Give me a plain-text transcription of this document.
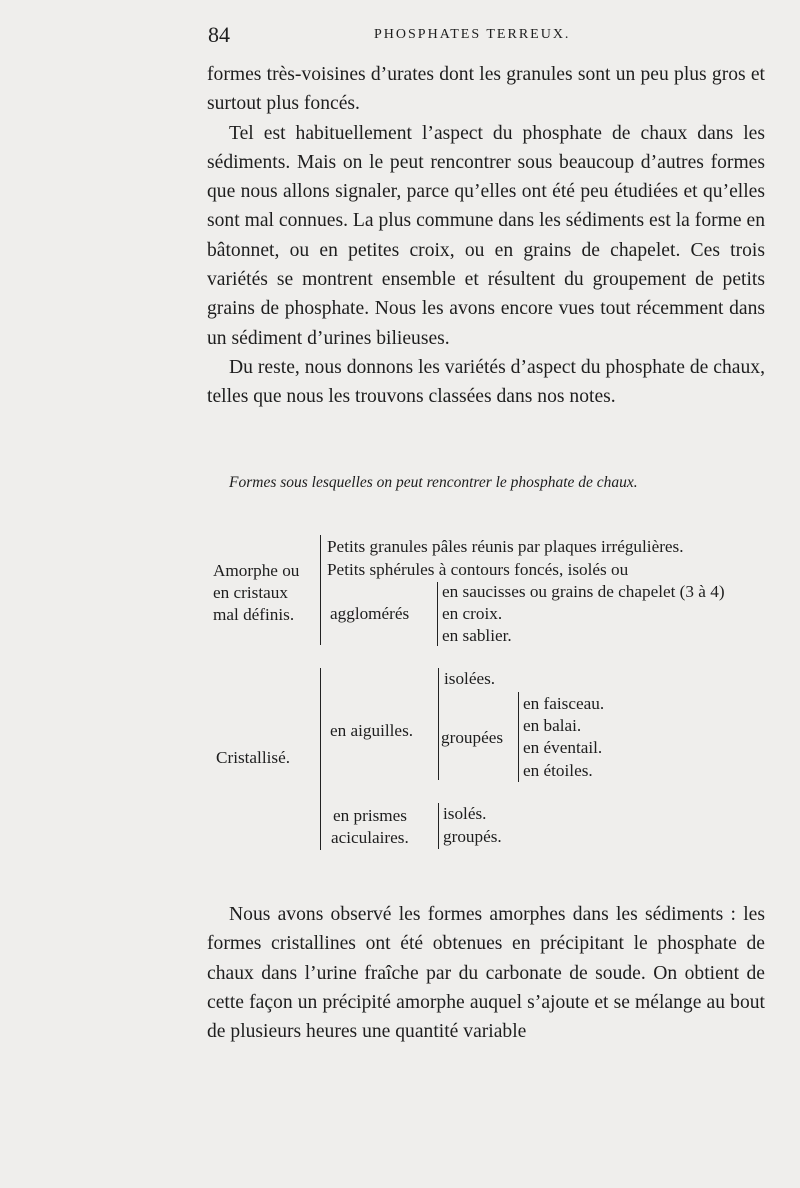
84	PHOSPHATES TERREUX.

formes très-voisines d’urates dont les granules sont un peu plus gros et surtout plus foncés.

Tel est habituellement l’aspect du phosphate de chaux dans les sédiments. Mais on le peut rencontrer sous beaucoup d’autres formes que nous allons signaler, parce qu’elles ont été peu étudiées et qu’elles sont mal connues. La plus commune dans les sédiments est la forme en bâtonnet, ou en petites croix, ou en grains de chapelet. Ces trois variétés se montrent ensemble et résultent du groupement de petits grains de phosphate. Nous les avons encore vues tout récemment dans un sédiment d’urines bilieuses.

Du reste, nous donnons les variétés d’aspect du phosphate de chaux, telles que nous les trouvons classées dans nos notes.

Formes sous lesquelles on peut rencontrer le phosphate de chaux.
Amorphe ou
en cristaux
mal définis.
Petits granules pâles réunis par plaques irrégulières.
Petits sphérules à contours foncés, isolés ou
agglomérés
en saucisses ou grains de chapelet (3 à 4)
en croix.
en sablier.
Cristallisé.
en aiguilles.
isolées.
groupées
en faisceau.
en balai.
en éventail.
en étoiles.
en prismes
aciculaires.
isolés.
groupés.

Nous avons observé les formes amorphes dans les sédiments : les formes cristallines ont été obtenues en précipitant le phosphate de chaux dans l’urine fraîche par du carbonate de soude. On obtient de cette façon un précipité amorphe auquel s’ajoute et se mélange au bout de plusieurs heures une quantité variable
